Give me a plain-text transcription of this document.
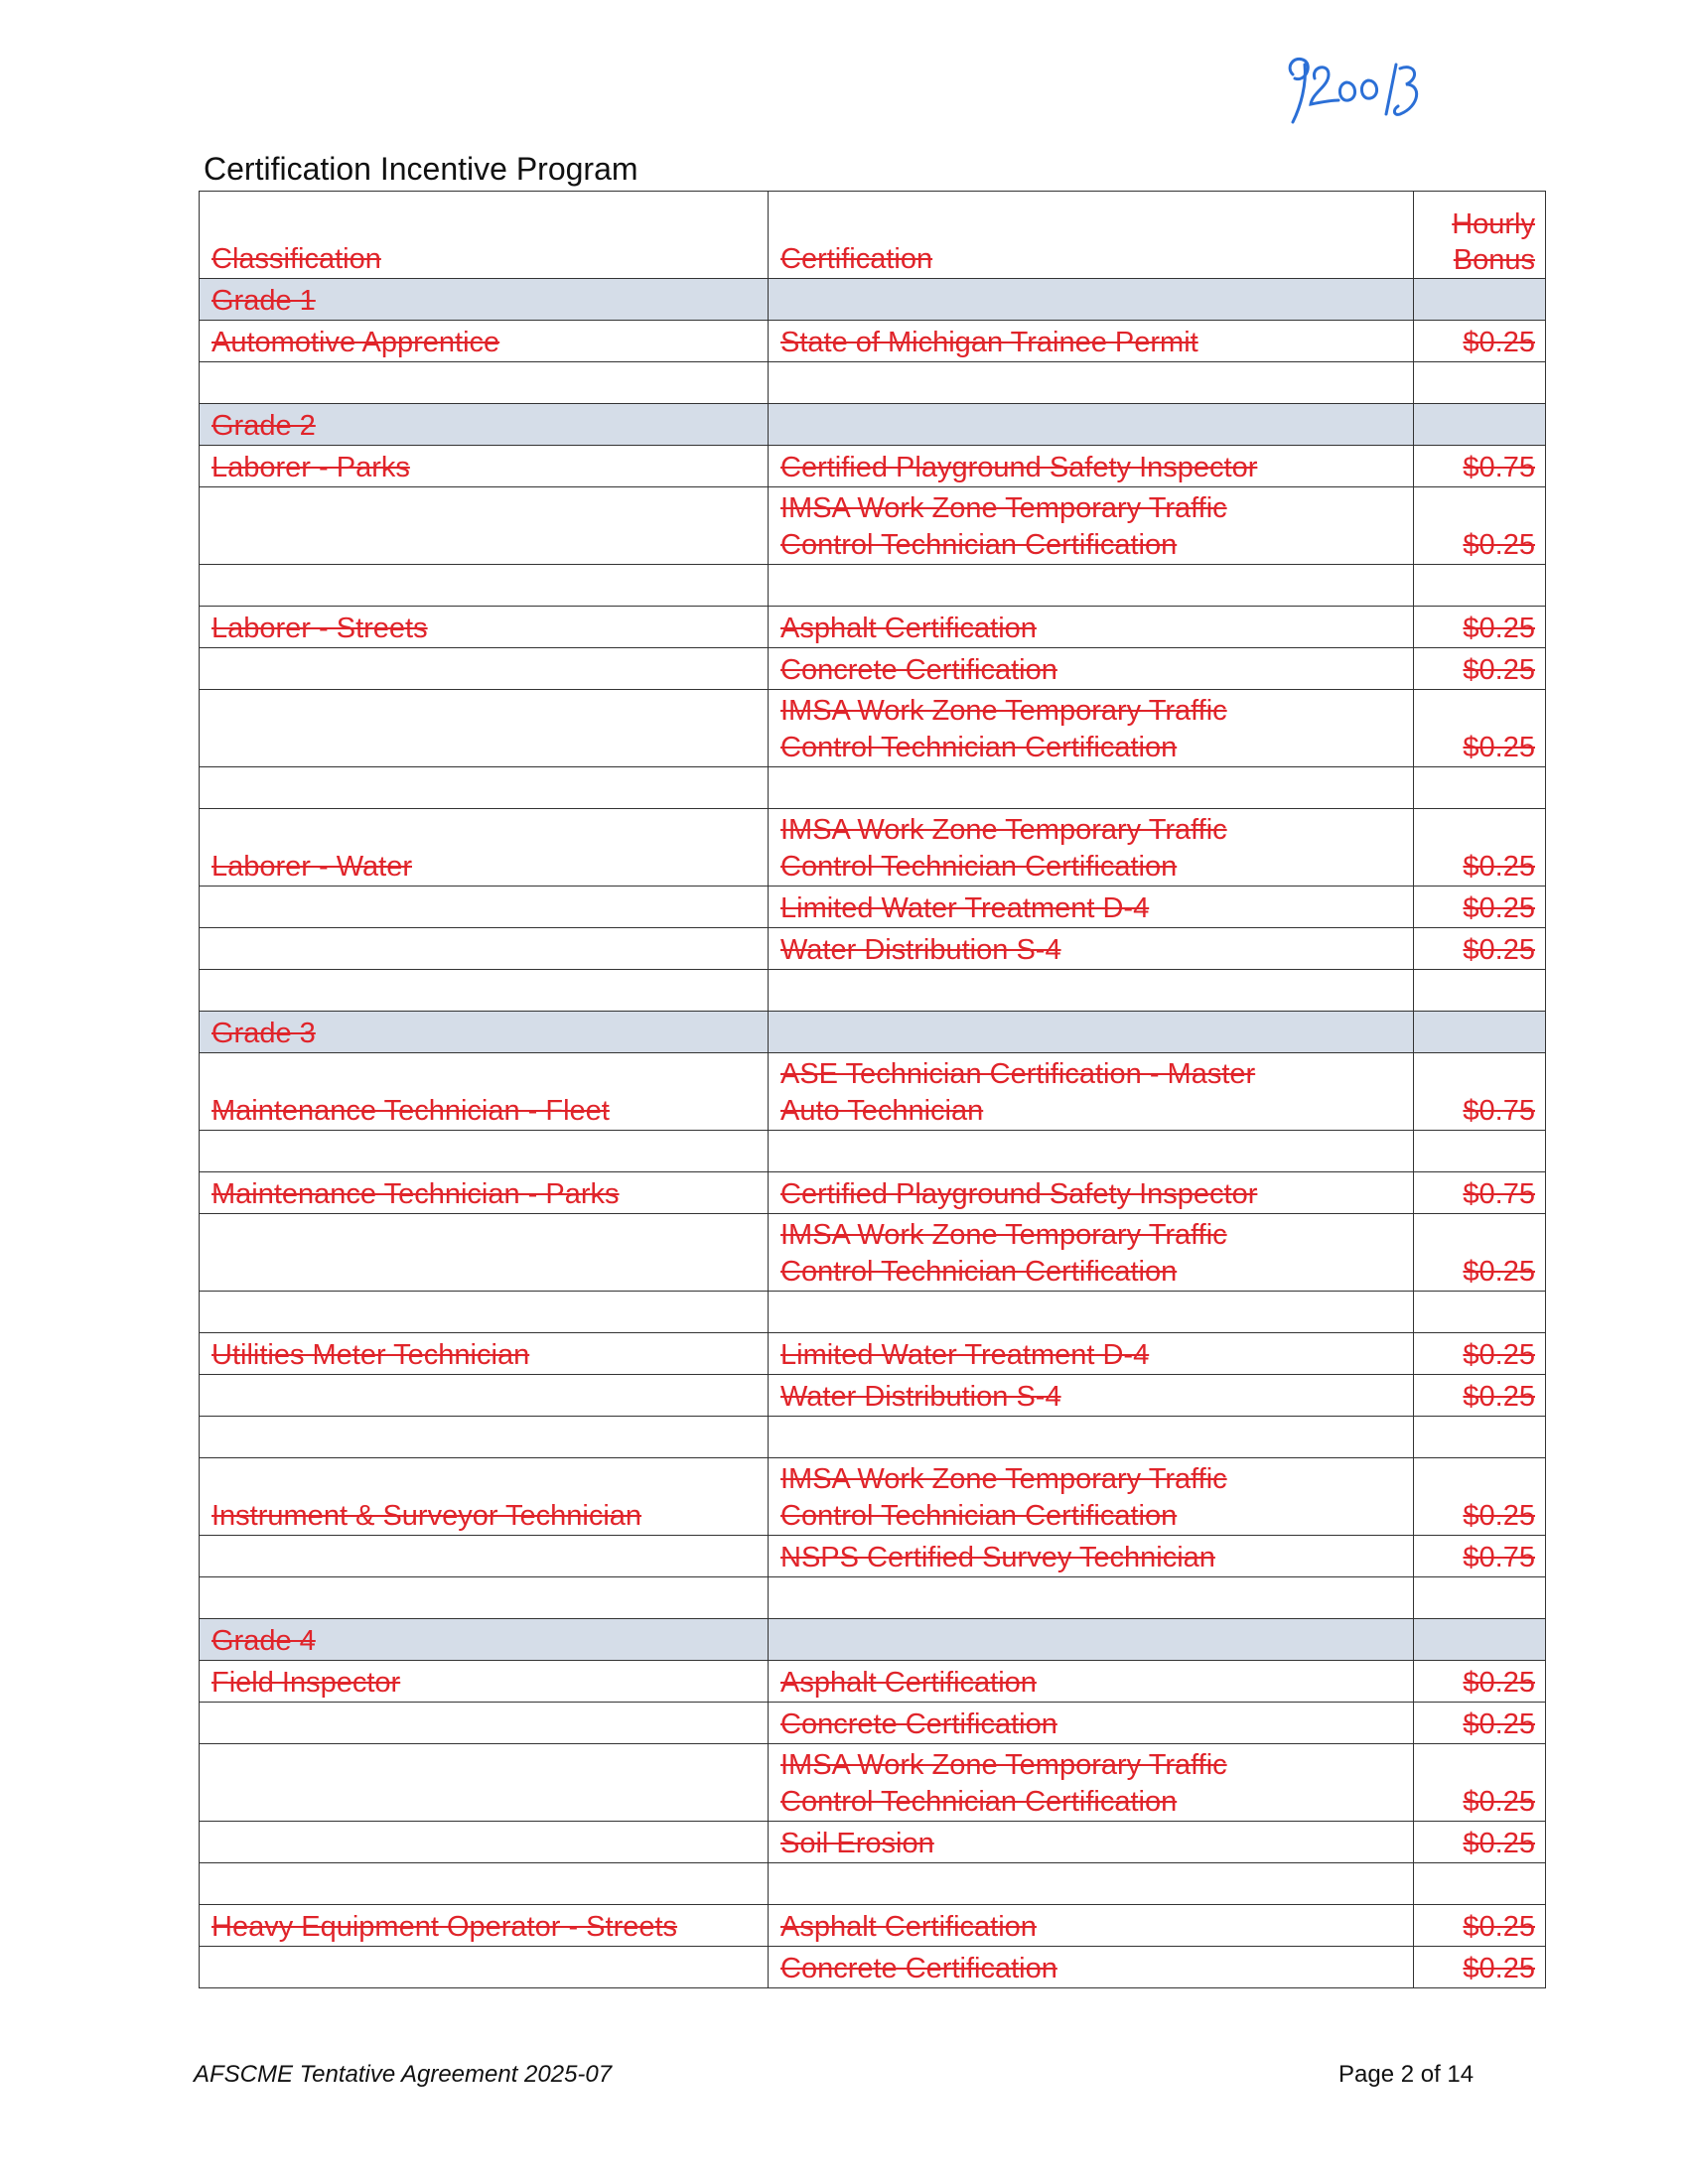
Certification Incentive Program
Classification	Certification	Hourly
Bonus
Grade 1		
Automotive Apprentice	State of Michigan Trainee Permit	$0.25

Grade 2		
Laborer - Parks	Certified Playground Safety Inspector	$0.75
	IMSA Work Zone Temporary Traffic
Control Technician Certification	$0.25

Laborer - Streets	Asphalt Certification	$0.25
	Concrete Certification	$0.25
	IMSA Work Zone Temporary Traffic
Control Technician Certification	$0.25

Laborer - Water	IMSA Work Zone Temporary Traffic
Control Technician Certification	$0.25
	Limited Water Treatment D-4	$0.25
	Water Distribution S-4	$0.25

Grade 3		
Maintenance Technician - Fleet	ASE Technician Certification - Master
Auto Technician	$0.75

Maintenance Technician - Parks	Certified Playground Safety Inspector	$0.75
	IMSA Work Zone Temporary Traffic
Control Technician Certification	$0.25

Utilities Meter Technician	Limited Water Treatment D-4	$0.25
	Water Distribution S-4	$0.25

Instrument & Surveyor Technician	IMSA Work Zone Temporary Traffic
Control Technician Certification	$0.25
	NSPS Certified Survey Technician	$0.75

Grade 4		
Field Inspector	Asphalt Certification	$0.25
	Concrete Certification	$0.25
	IMSA Work Zone Temporary Traffic
Control Technician Certification	$0.25
	Soil Erosion	$0.25

Heavy Equipment Operator - Streets	Asphalt Certification	$0.25
	Concrete Certification	$0.25
AFSCME Tentative Agreement 2025-07	Page 2 of 14
